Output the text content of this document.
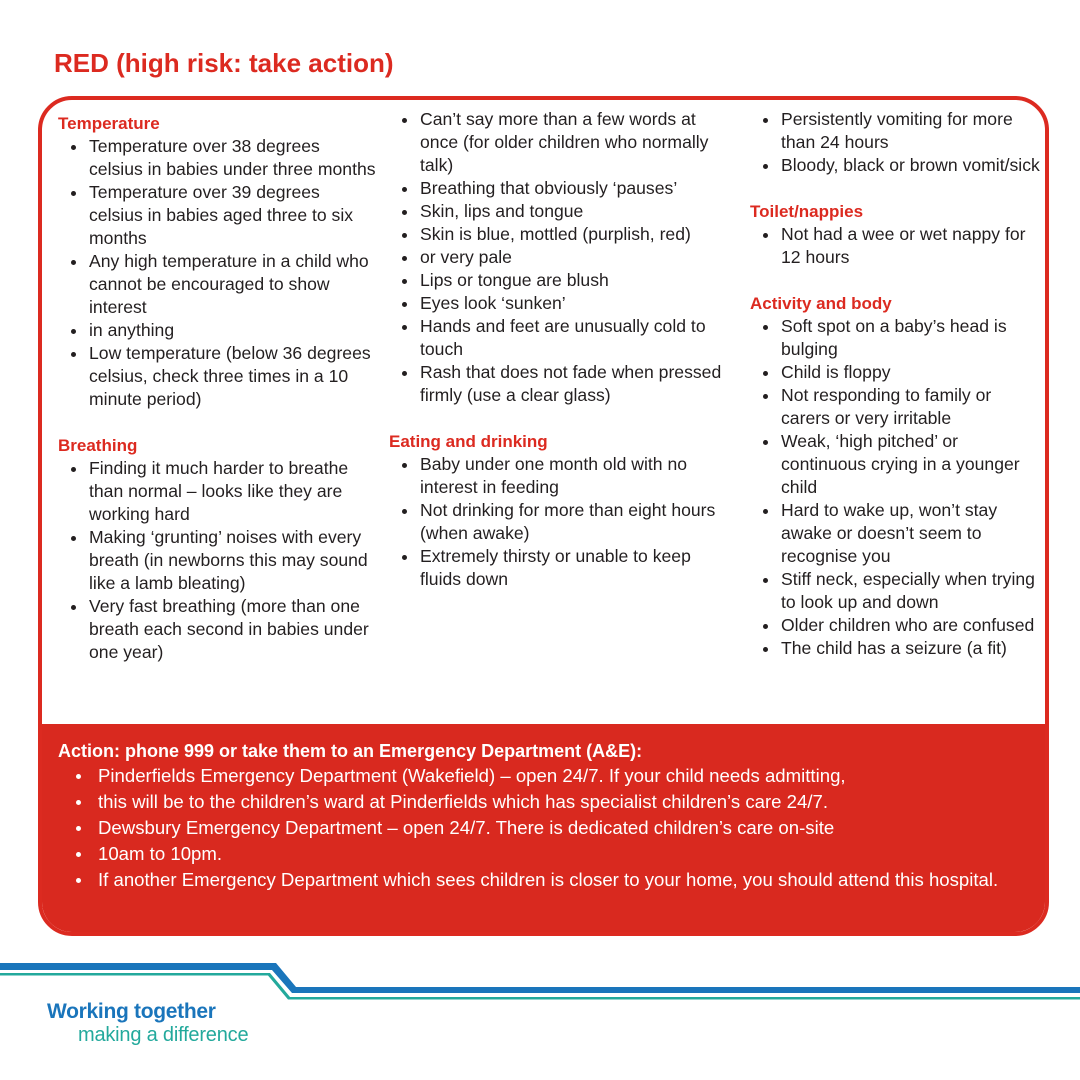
RED (high risk: take action)

Temperature

Temperature over 38 degrees celsius in babies under three months
Temperature over 39 degrees celsius in babies aged three to six months
Any high temperature in a child who cannot be encouraged to show interest
in anything
Low temperature (below 36 degrees celsius, check three times in a 10 minute period)

Breathing

Finding it much harder to breathe than normal – looks like they are working hard
Making ‘grunting’ noises with every breath (in newborns this may sound like a lamb bleating)
Very fast breathing (more than one breath each second in babies under one year)
Can’t say more than a few words at once (for older children who normally talk)
Breathing that obviously ‘pauses’
Skin, lips and tongue
Skin is blue, mottled (purplish, red)
or very pale
Lips or tongue are blush
Eyes look ‘sunken’
Hands and feet are unusually cold to touch
Rash that does not fade when pressed firmly (use a clear glass)

Eating and drinking

Baby under one month old with no interest in feeding
Not drinking for more than eight hours (when awake)
Extremely thirsty or unable to keep fluids down
Persistently vomiting for more than 24 hours
Bloody, black or brown vomit/sick

Toilet/nappies

Not had a wee or wet nappy for 12 hours

Activity and body

Soft spot on a baby’s head is bulging
Child is floppy
Not responding to family or carers or very irritable
Weak, ‘high pitched’ or continuous crying in a younger child
Hard to wake up, won’t stay awake or doesn’t seem to recognise you
Stiff neck, especially when trying to look up and down
Older children who are confused
The child has a seizure (a fit)

Action: phone 999 or take them to an Emergency Department (A&E):

Pinderfields Emergency Department (Wakefield) – open 24/7. If your child needs admitting,
this will be to the children’s ward at Pinderfields which has specialist children’s care 24/7.
Dewsbury Emergency Department – open 24/7. There is dedicated children’s care on-site
10am to 10pm.
If another Emergency Department which sees children is closer to your home, you should attend this hospital.
Working together
making a difference
